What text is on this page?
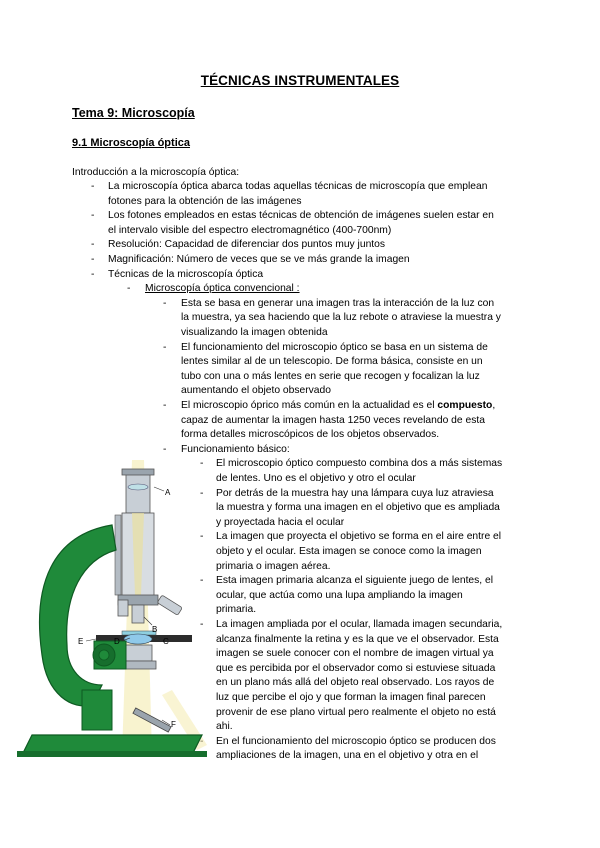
TÉCNICAS INSTRUMENTALES
Tema 9: Microscopía
9.1 Microscopía óptica
Introducción a la microscopía óptica:
- La microscopía óptica abarca todas aquellas técnicas de microscopía que emplean
fotones para la obtención de las imágenes
- Los fotones empleados en estas técnicas de obtención de imágenes suelen estar en
el intervalo visible del espectro electromagnético (400-700nm)
- Resolución: Capacidad de diferenciar dos puntos muy juntos
- Magnificación: Número de veces que se ve más grande la imagen
- Técnicas de la microscopía óptica
- Microscopía óptica convencional :
- Esta se basa en generar una imagen tras la interacción de la luz con
la muestra, ya sea haciendo que la luz rebote o atraviese la muestra y
visualizando la imagen obtenida
- El funcionamiento del microscopio óptico se basa en un sistema de
lentes similar al de un telescopio. De forma básica, consiste en un
tubo con una o más lentes en serie que recogen y focalizan la luz
aumentando el objeto observado
- El microscopio óprico más común en la actualidad es el compuesto,
capaz de aumentar la imagen hasta 1250 veces revelando de esta
forma detalles microscópicos de los objetos observados.
- Funcionamiento básico:
- El microscopio óptico compuesto combina dos a más sistemas
de lentes. Uno es el objetivo y otro el ocular
- Por detrás de la muestra hay una lámpara cuya luz atraviesa
la muestra y forma una imagen en el objetivo que es ampliada
y proyectada hacia el ocular
- La imagen que proyecta el objetivo se forma en el aire entre el
objeto y el ocular. Esta imagen se conoce como la imagen
primaria o imagen aérea.
- Esta imagen primaria alcanza el siguiente juego de lentes, el
ocular, que actúa como una lupa ampliando la imagen
primaria.
- La imagen ampliada por el ocular, llamada imagen secundaria,
alcanza finalmente la retina y es la que ve el observador. Esta
imagen se suele conocer con el nombre de imagen virtual ya
que es percibida por el observador como si estuviese situada
en un plano más allá del objeto real observado. Los rayos de
luz que percibe el ojo y que forman la imagen final parecen
provenir de ese plano virtual pero realmente el objeto no está
ahi.
En el funcionamiento del microscopio óptico se producen dos
ampliaciones de la imagen, una en el objetivo y otra en el
A
B
C
D
E
F
